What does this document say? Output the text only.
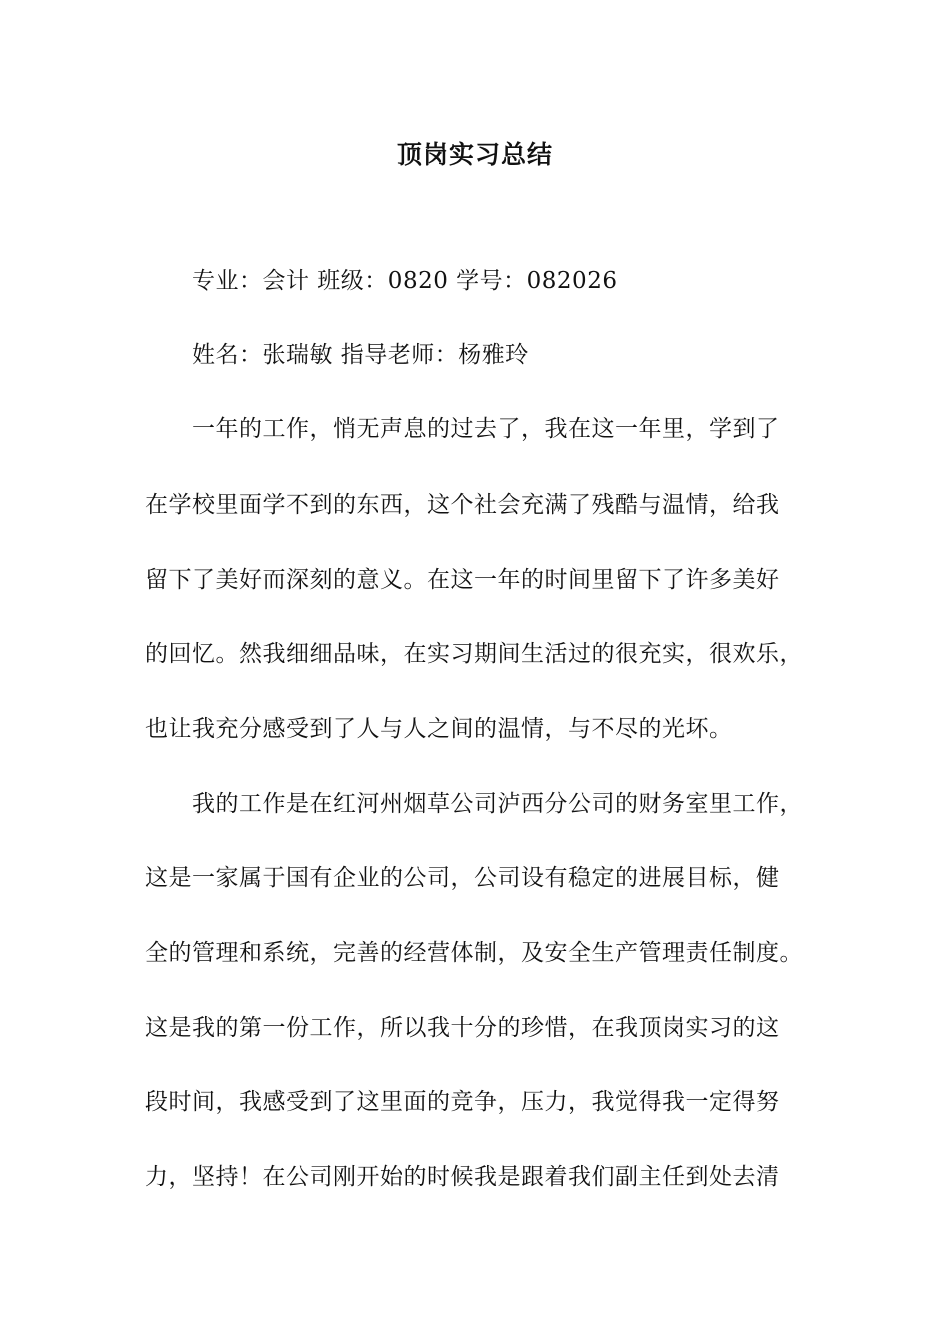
顶岗实习总结
专业：会计 班级：0820 学号：082026
姓名：张瑞敏 指导老师：杨雅玲
一年的工作，悄无声息的过去了，我在这一年里，学到了
在学校里面学不到的东西，这个社会充满了残酷与温情，给我
留下了美好而深刻的意义。在这一年的时间里留下了许多美好
的回忆。然我细细品味，在实习期间生活过的很充实，很欢乐，
也让我充分感受到了人与人之间的温情，与不尽的光坏。
我的工作是在红河州烟草公司泸西分公司的财务室里工作，
这是一家属于国有企业的公司，公司设有稳定的进展目标，健
全的管理和系统，完善的经营体制，及安全生产管理责任制度。
这是我的第一份工作，所以我十分的珍惜，在我顶岗实习的这
段时间，我感受到了这里面的竞争，压力，我觉得我一定得努
力，坚持！在公司刚开始的时候我是跟着我们副主任到处去清
